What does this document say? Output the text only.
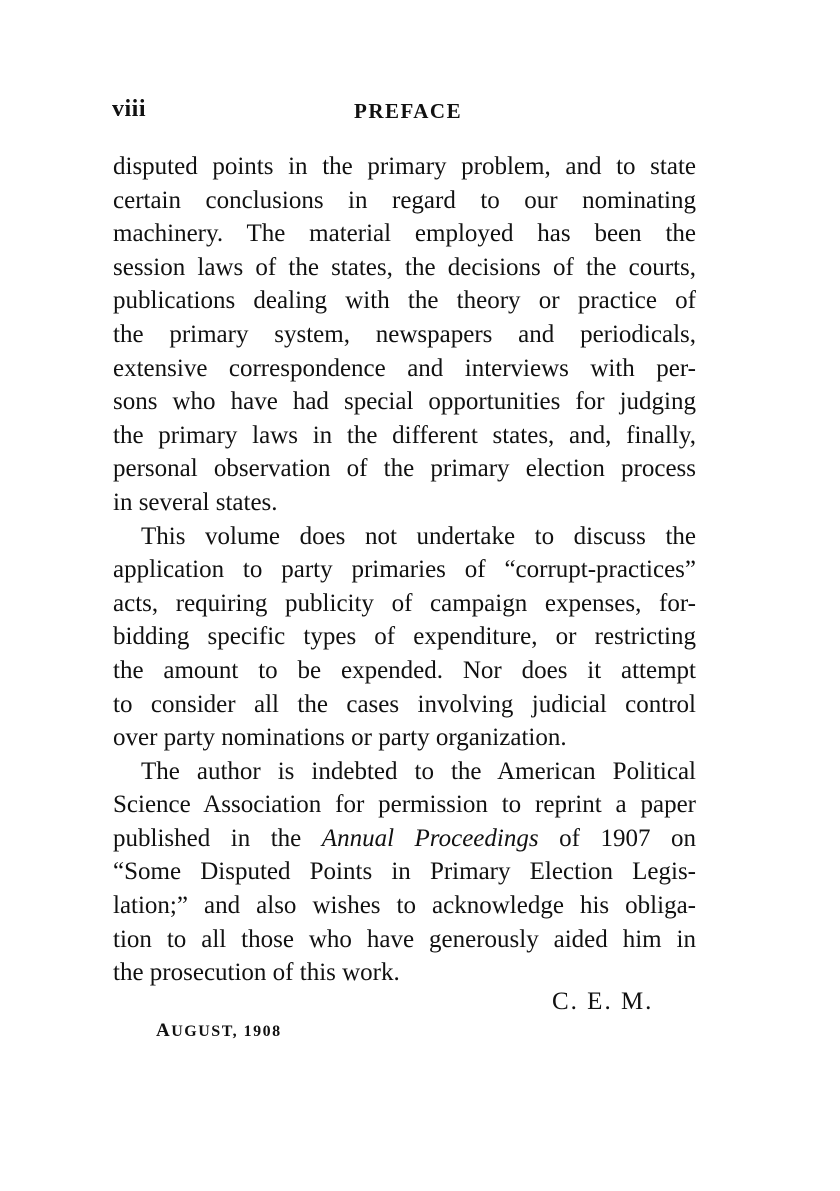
viii	PREFACE

disputed points in the primary problem, and to state
certain conclusions in regard to our nominating
machinery. The material employed has been the
session laws of the states, the decisions of the courts,
publications dealing with the theory or practice of
the primary system, newspapers and periodicals,
extensive correspondence and interviews with per-
sons who have had special opportunities for judging
the primary laws in the different states, and, finally,
personal observation of the primary election process
in several states.

This volume does not undertake to discuss the
application to party primaries of “corrupt-practices”
acts, requiring publicity of campaign expenses, for-
bidding specific types of expenditure, or restricting
the amount to be expended. Nor does it attempt
to consider all the cases involving judicial control
over party nominations or party organization.

The author is indebted to the American Political
Science Association for permission to reprint a paper
published in the Annual Proceedings of 1907 on
“Some Disputed Points in Primary Election Legis-
lation;” and also wishes to acknowledge his obliga-
tion to all those who have generously aided him in
the prosecution of this work.

C. E. M.
AUGUST, 1908
